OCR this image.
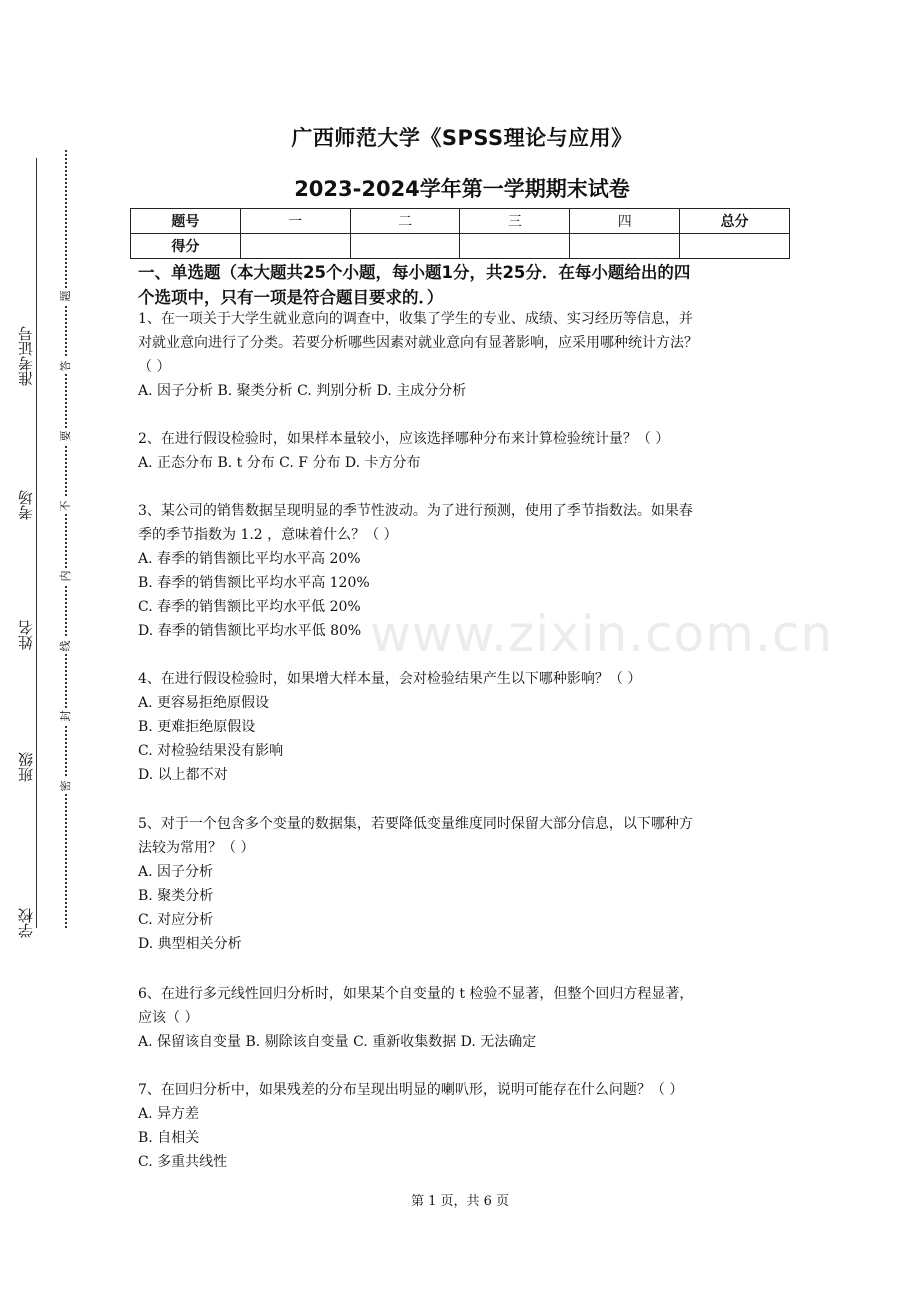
准考证号
考场
姓名
班级
学校
题
答
要
不
内
线
封
密
www.zixin.com.cn
广西师范大学《SPSS理论与应用》
2023-2024学年第一学期期末试卷
题号	一	二	三	四	总分
得分					
一、单选题（本大题共25个小题，每小题1分，共25分．在每小题给出的四
个选项中，只有一项是符合题目要求的．）

1、在一项关于大学生就业意向的调查中，收集了学生的专业、成绩、实习经历等信息，并

对就业意向进行了分类。若要分析哪些因素对就业意向有显著影响，应采用哪种统计方法？

（ ）

A. 因子分析 B. 聚类分析 C. 判别分析 D. 主成分分析

2、在进行假设检验时，如果样本量较小，应该选择哪种分布来计算检验统计量？（ ）

A. 正态分布 B. t 分布 C. F 分布 D. 卡方分布

3、某公司的销售数据呈现明显的季节性波动。为了进行预测，使用了季节指数法。如果春

季的季节指数为 1.2 ，意味着什么？（ ）

A. 春季的销售额比平均水平高 20%

B. 春季的销售额比平均水平高 120%

C. 春季的销售额比平均水平低 20%

D. 春季的销售额比平均水平低 80%

4、在进行假设检验时，如果增大样本量，会对检验结果产生以下哪种影响？（ ）

A. 更容易拒绝原假设

B. 更难拒绝原假设

C. 对检验结果没有影响

D. 以上都不对

5、对于一个包含多个变量的数据集，若要降低变量维度同时保留大部分信息，以下哪种方

法较为常用？（ ）

A. 因子分析

B. 聚类分析

C. 对应分析

D. 典型相关分析

6、在进行多元线性回归分析时，如果某个自变量的 t 检验不显著，但整个回归方程显著，

应该（ ）

A. 保留该自变量 B. 剔除该自变量 C. 重新收集数据 D. 无法确定

7、在回归分析中，如果残差的分布呈现出明显的喇叭形，说明可能存在什么问题？（ ）

A. 异方差

B. 自相关

C. 多重共线性

第 1 页，共 6 页
